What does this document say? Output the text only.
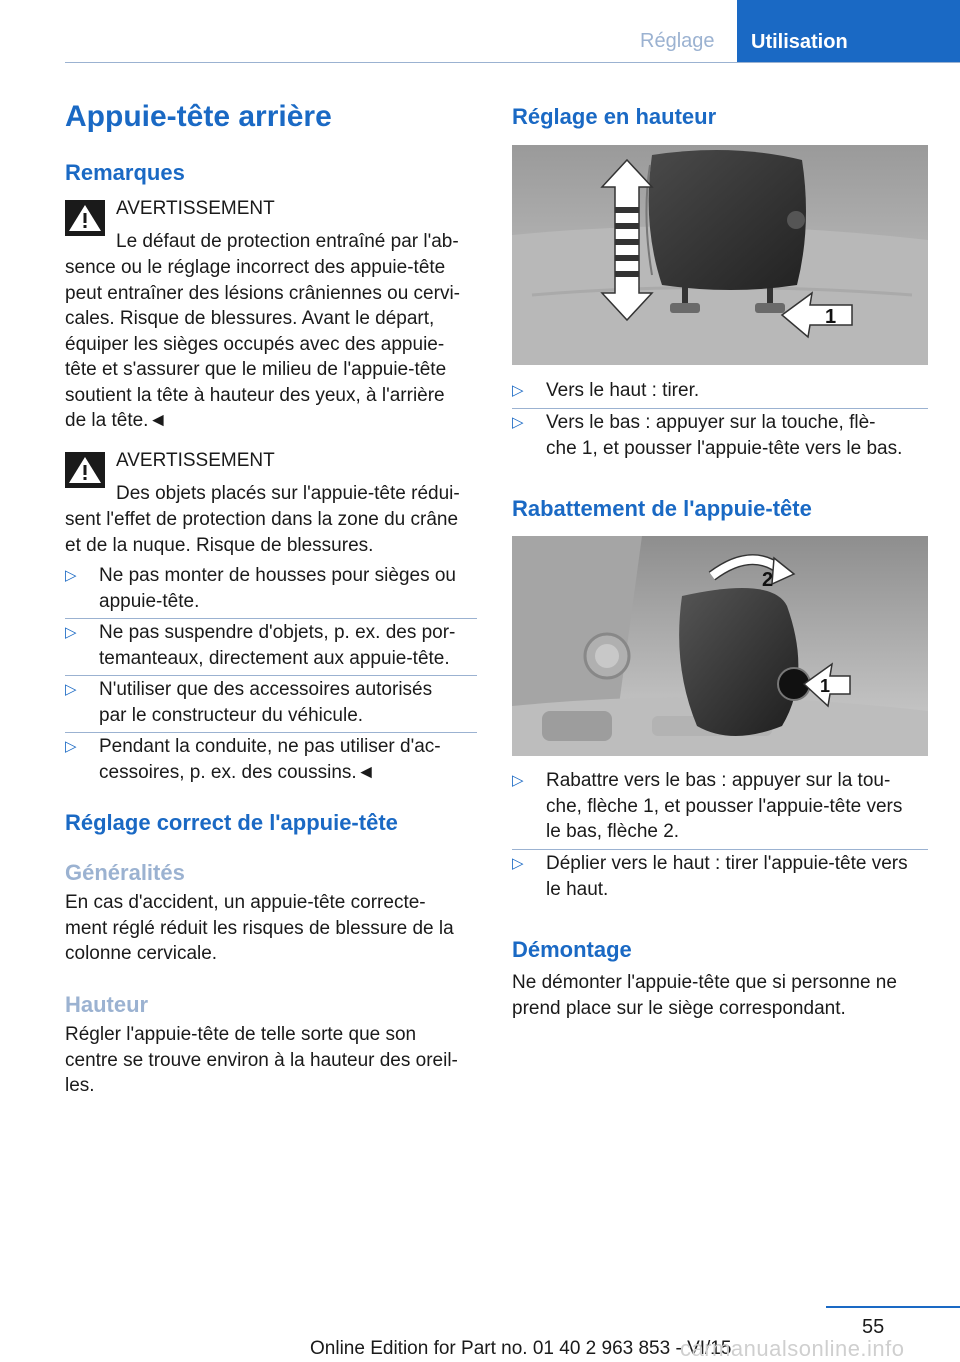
Réglage	Utilisation
Appuie-tête arrière
Remarques
AVERTISSEMENT
Le défaut de protection entraîné par l'ab‐
sence ou le réglage incorrect des appuie-tête
peut entraîner des lésions crâniennes ou cervi‐
cales. Risque de blessures. Avant le départ,
équiper les sièges occupés avec des appuie-
tête et s'assurer que le milieu de l'appuie-tête
soutient la tête à hauteur des yeux, à l'arrière
de la tête.◄
AVERTISSEMENT
Des objets placés sur l'appuie-tête rédui‐
sent l'effet de protection dans la zone du crâne
et de la nuque. Risque de blessures.
▷ Ne pas monter de housses pour sièges ou
appuie-tête.
▷ Ne pas suspendre d'objets, p. ex. des por‐
temanteaux, directement aux appuie-tête.
▷ N'utiliser que des accessoires autorisés
par le constructeur du véhicule.
▷ Pendant la conduite, ne pas utiliser d'ac‐
cessoires, p. ex. des coussins.◄
Réglage correct de l'appuie-tête
Généralités
En cas d'accident, un appuie-tête correcte‐
ment réglé réduit les risques de blessure de la
colonne cervicale.
Hauteur
Régler l'appuie-tête de telle sorte que son
centre se trouve environ à la hauteur des oreil‐
les.
Réglage en hauteur
1
▷ Vers le haut : tirer.
▷ Vers le bas : appuyer sur la touche, flè‐
che 1, et pousser l'appuie-tête vers le bas.
Rabattement de l'appuie-tête
2
1
▷ Rabattre vers le bas : appuyer sur la tou‐
che, flèche 1, et pousser l'appuie-tête vers
le bas, flèche 2.
▷ Déplier vers le haut : tirer l'appuie-tête vers
le haut.
Démontage
Ne démonter l'appuie-tête que si personne ne
prend place sur le siège correspondant.
55
Online Edition for Part no. 01 40 2 963 853 - VI/15
carmanualsonline.info
